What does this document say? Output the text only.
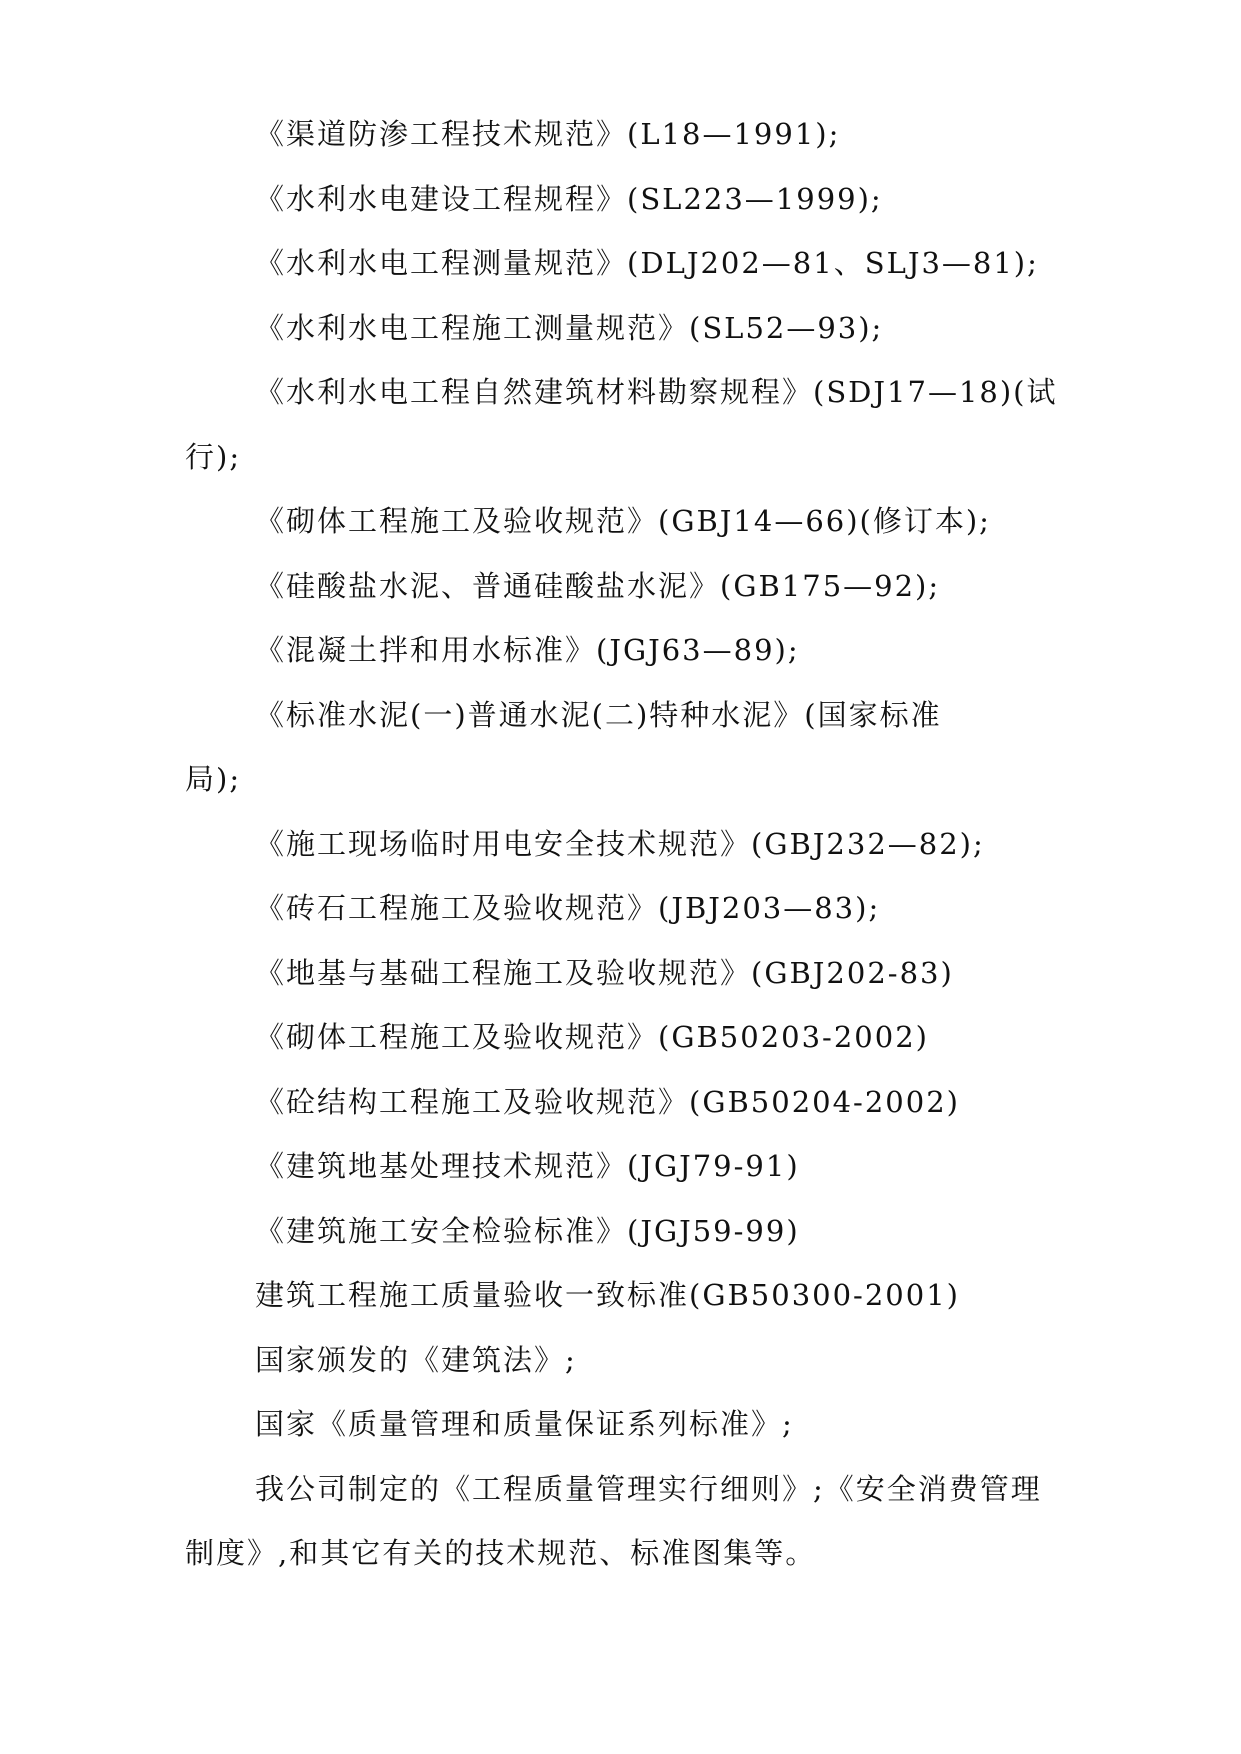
《渠道防渗工程技术规范》(L18—1991);
《水利水电建设工程规程》(SL223—1999);
《水利水电工程测量规范》(DLJ202—81、SLJ3—81);
《水利水电工程施工测量规范》(SL52—93);
《水利水电工程自然建筑材料勘察规程》(SDJ17—18)(试
行);
《砌体工程施工及验收规范》(GBJ14—66)(修订本);
《硅酸盐水泥、普通硅酸盐水泥》(GB175—92);
《混凝土拌和用水标准》(JGJ63—89);
《标准水泥(一)普通水泥(二)特种水泥》(国家标准
局);
《施工现场临时用电安全技术规范》(GBJ232—82);
《砖石工程施工及验收规范》(JBJ203—83);
《地基与基础工程施工及验收规范》(GBJ202-83)
《砌体工程施工及验收规范》(GB50203-2002)
《砼结构工程施工及验收规范》(GB50204-2002)
《建筑地基处理技术规范》(JGJ79-91)
《建筑施工安全检验标准》(JGJ59-99)
建筑工程施工质量验收一致标准(GB50300-2001)
国家颁发的《建筑法》;
国家《质量管理和质量保证系列标准》;
我公司制定的《工程质量管理实行细则》;《安全消费管理
制度》,和其它有关的技术规范、标准图集等。
